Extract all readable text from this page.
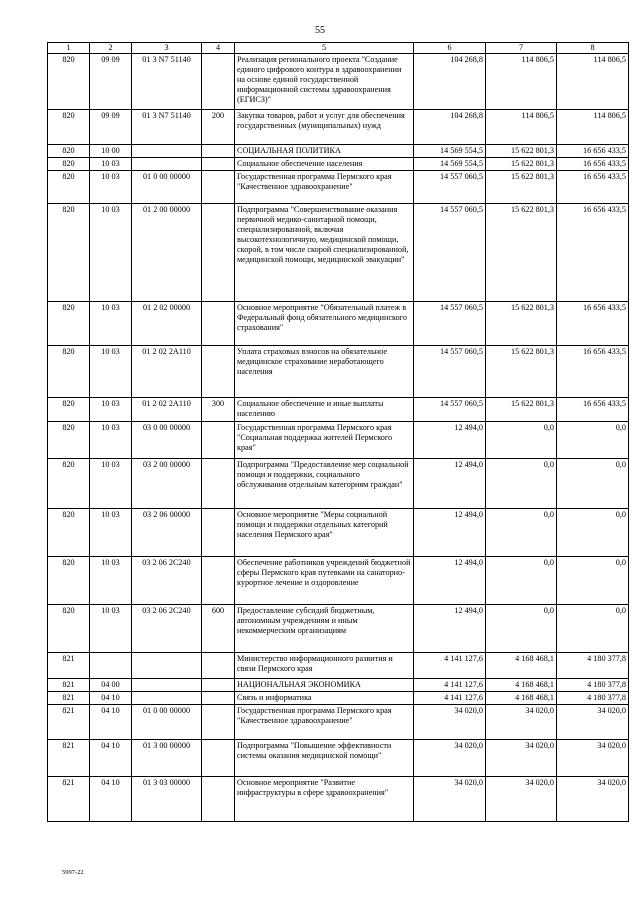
55
1	2	3	4	5	6	7	8
820	09 09	01 3 N7 51140		Реализация регионального проекта "Создание единого цифрового контура в здравоохранении на основе единой государственной информационной системы здравоохранения (ЕГИСЗ)"	104 268,8	114 806,5	114 806,5
820	09 09	01 3 N7 51140	200	Закупка товаров, работ и услуг для обеспечения государственных (муниципальных) нужд	104 268,8	114 806,5	114 806,5
820	10 00			СОЦИАЛЬНАЯ ПОЛИТИКА	14 569 554,5	15 622 801,3	16 656 433,5
820	10 03			Социальное обеспечение населения	14 569 554,5	15 622 801,3	16 656 433,5
820	10 03	01 0 00 00000		Государственная программа Пермского края "Качественное здравоохранение"	14 557 060,5	15 622 801,3	16 656 433,5
820	10 03	01 2 00 00000		Подпрограмма "Совершенствование оказания первичной медико-санитарной помощи, специализированной, включая высокотехнологичную, медицинской помощи, скорой, в том числе скорой специализированной, медицинской помощи, медицинской эвакуации"	14 557 060,5	15 622 801,3	16 656 433,5
820	10 03	01 2 02 00000		Основное мероприятие "Обязательный платеж в Федеральный фонд обязательного медицинского страхования"	14 557 060,5	15 622 801,3	16 656 433,5
820	10 03	01 2 02 2A110		Уплата страховых взносов на обязательное медицинское страхование неработающего населения	14 557 060,5	15 622 801,3	16 656 433,5
820	10 03	01 2 02 2A110	300	Социальное обеспечение и иные выплаты населению	14 557 060,5	15 622 801,3	16 656 433,5
820	10 03	03 0 00 00000		Государственная программа Пермского края "Социальная поддержка жителей Пермского края"	12 494,0	0,0	0,0
820	10 03	03 2 00 00000		Подпрограмма "Предоставление мер социальной помощи и поддержки, социального обслуживания отдельным категориям граждан"	12 494,0	0,0	0,0
820	10 03	03 2 06 00000		Основное мероприятие "Меры социальной помощи и поддержки отдельных категорий населения Пермского края"	12 494,0	0,0	0,0
820	10 03	03 2 06 2C240		Обеспечение работников учреждений бюджетной сферы Пермского края путевками на санаторно-курортное лечение и оздоровление	12 494,0	0,0	0,0
820	10 03	03 2 06 2C240	600	Предоставление субсидий бюджетным, автономным учреждениям и иным некоммерческим организациям	12 494,0	0,0	0,0
821				Министерство информационного развития и связи Пермского края	4 141 127,6	4 168 468,1	4 180 377,8
821	04 00			НАЦИОНАЛЬНАЯ ЭКОНОМИКА	4 141 127,6	4 168 468,1	4 180 377,8
821	04 10			Связь и информатика	4 141 127,6	4 168 468,1	4 180 377,8
821	04 10	01 0 00 00000		Государственная программа Пермского края "Качественное здравоохранение"	34 020,0	34 020,0	34 020,0
821	04 10	01 3 00 00000		Подпрограмма "Повышение эффективности системы оказания медицинской помощи"	34 020,0	34 020,0	34 020,0
821	04 10	01 3 03 00000		Основное мероприятие "Развитие инфраструктуры в сфере здравоохранения"	34 020,0	34 020,0	34 020,0
5997-22
